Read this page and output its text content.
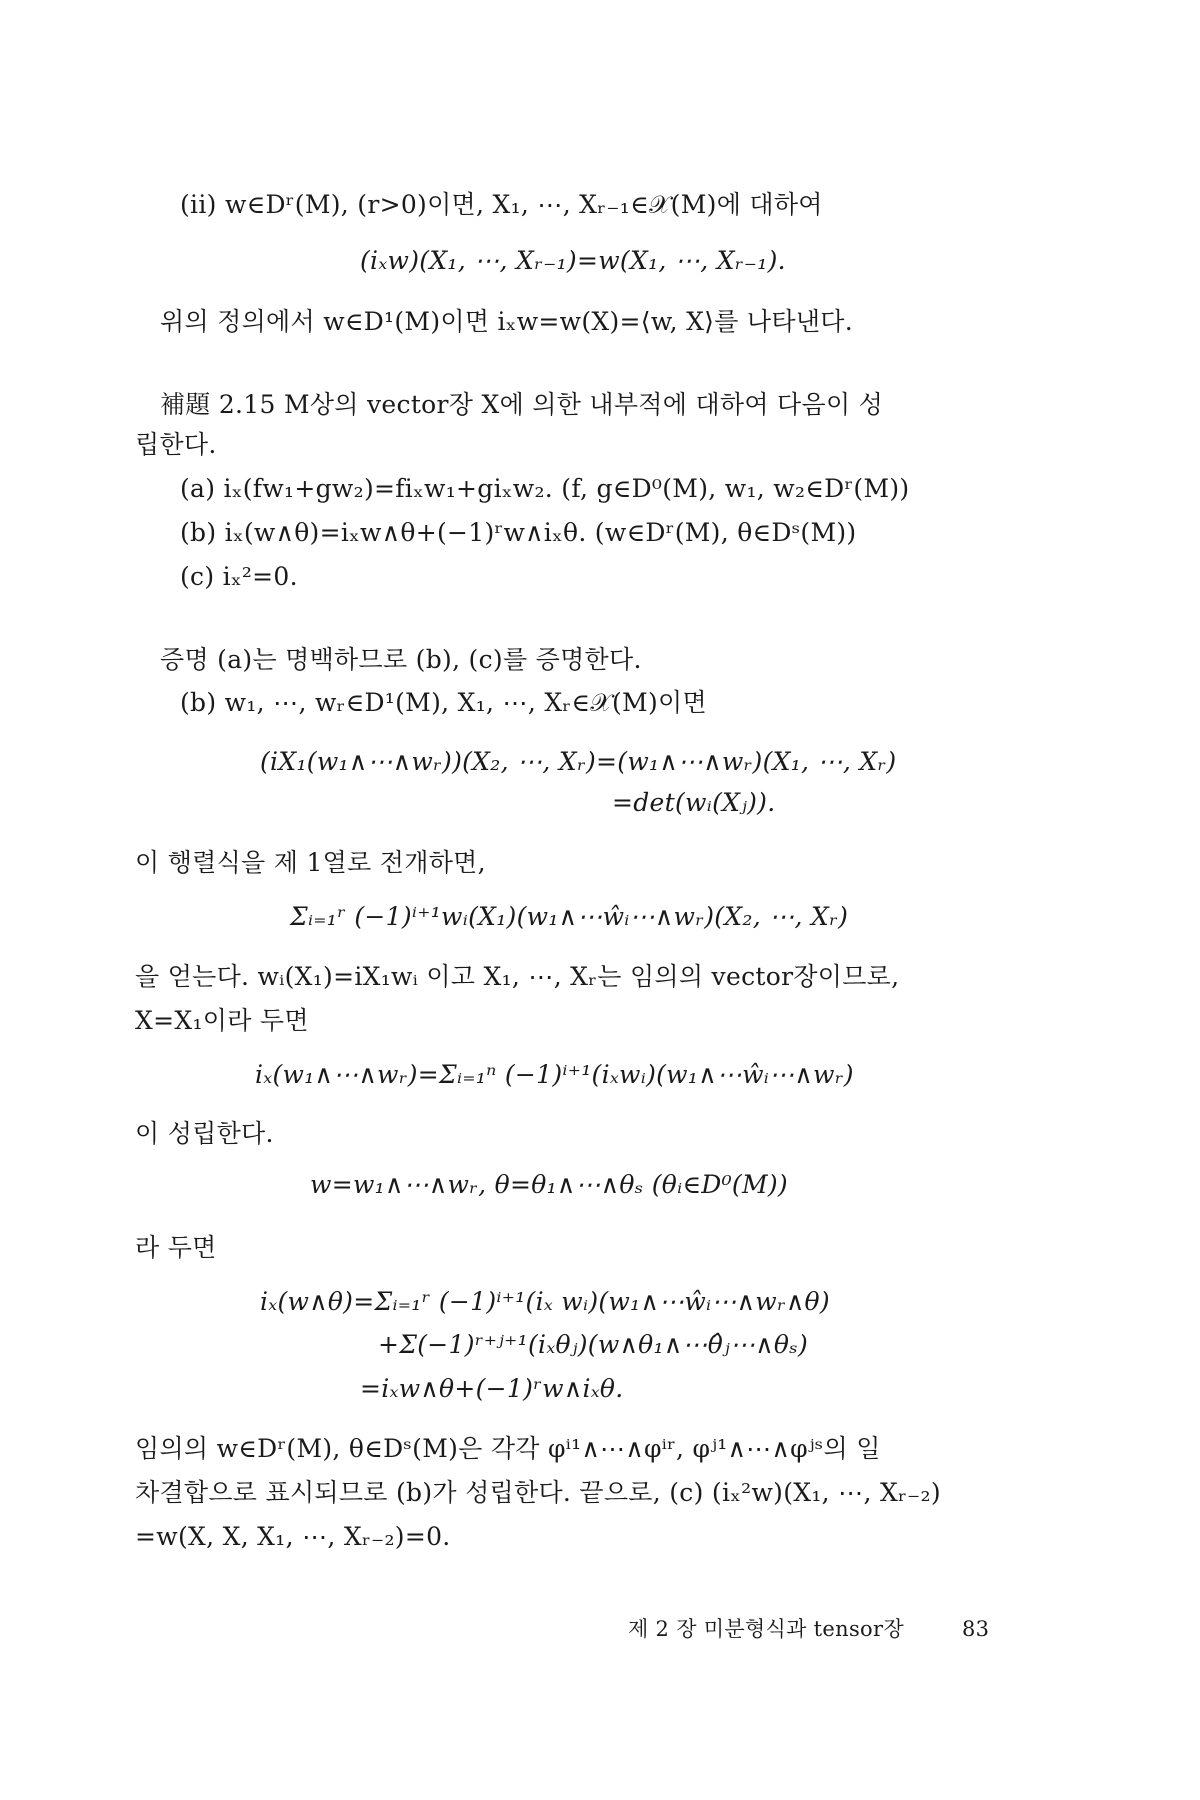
(ii) w∈Dʳ(M), (r>0)이면, X₁, ⋯, Xᵣ₋₁∈𝒳(M)에 대하여
(iₓw)(X₁, ⋯, Xᵣ₋₁)=w(X₁, ⋯, Xᵣ₋₁).
위의 정의에서 w∈D¹(M)이면 iₓw=w(X)=⟨w, X⟩를 나타낸다.
補題 2.15 M상의 vector장 X에 의한 내부적에 대하여 다음이 성
립한다.
(a) iₓ(fw₁+gw₂)=fiₓw₁+giₓw₂. (f, g∈D⁰(M), w₁, w₂∈Dʳ(M))
(b) iₓ(w∧θ)=iₓw∧θ+(−1)ʳw∧iₓθ. (w∈Dʳ(M), θ∈Dˢ(M))
(c) iₓ²=0.
증명 (a)는 명백하므로 (b), (c)를 증명한다.
(b) w₁, ⋯, wᵣ∈D¹(M), X₁, ⋯, Xᵣ∈𝒳(M)이면
(iX₁(w₁∧⋯∧wᵣ))(X₂, ⋯, Xᵣ)=(w₁∧⋯∧wᵣ)(X₁, ⋯, Xᵣ)
=det(wᵢ(Xⱼ)).
이 행렬식을 제 1열로 전개하면,
Σᵢ₌₁ʳ (−1)ⁱ⁺¹wᵢ(X₁)(w₁∧⋯ŵᵢ⋯∧wᵣ)(X₂, ⋯, Xᵣ)
을 얻는다. wᵢ(X₁)=iX₁wᵢ 이고 X₁, ⋯, Xᵣ는 임의의 vector장이므로,
X=X₁이라 두면
iₓ(w₁∧⋯∧wᵣ)=Σᵢ₌₁ⁿ (−1)ⁱ⁺¹(iₓwᵢ)(w₁∧⋯ŵᵢ⋯∧wᵣ)
이 성립한다.
w=w₁∧⋯∧wᵣ, θ=θ₁∧⋯∧θₛ (θᵢ∈D⁰(M))
라 두면
iₓ(w∧θ)=Σᵢ₌₁ʳ (−1)ⁱ⁺¹(iₓ wᵢ)(w₁∧⋯ŵᵢ⋯∧wᵣ∧θ)
+Σ(−1)ʳ⁺ʲ⁺¹(iₓθⱼ)(w∧θ₁∧⋯θ̂ⱼ⋯∧θₛ)
=iₓw∧θ+(−1)ʳw∧iₓθ.
임의의 w∈Dʳ(M), θ∈Dˢ(M)은 각각 φⁱ¹∧⋯∧φⁱʳ, φʲ¹∧⋯∧φʲˢ의 일
차결합으로 표시되므로 (b)가 성립한다. 끝으로, (c) (iₓ²w)(X₁, ⋯, Xᵣ₋₂)
=w(X, X, X₁, ⋯, Xᵣ₋₂)=0.
제 2 장 미분형식과 tensor장	83
